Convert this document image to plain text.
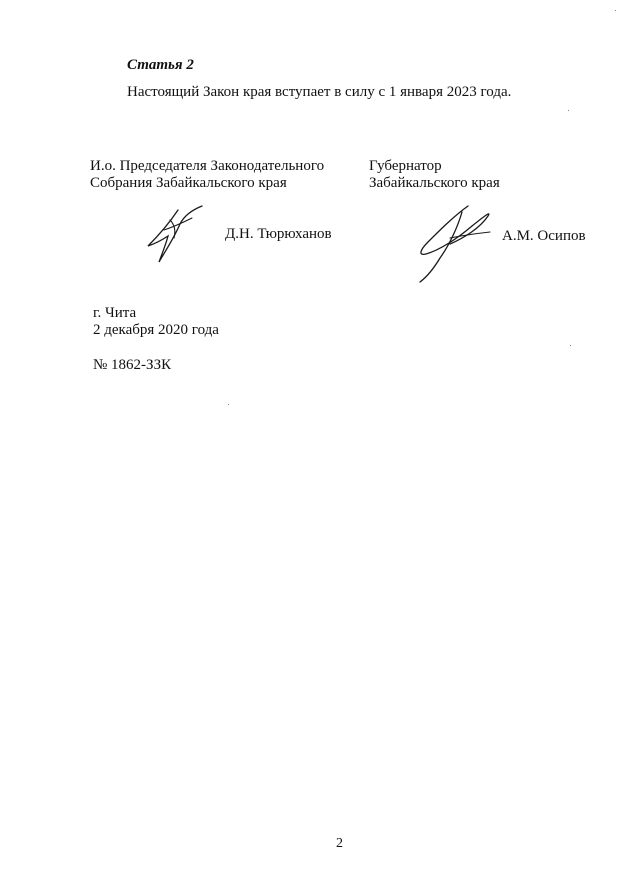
Статья 2
Настоящий Закон края вступает в силу с 1 января 2023 года.
И.о. Председателя Законодательного
Собрания Забайкальского края
Губернатор
Забайкальского края
Д.Н. Тюрюханов	А.М. Осипов
г. Чита
2 декабря 2020 года
№ 1862-ЗЗК
2
